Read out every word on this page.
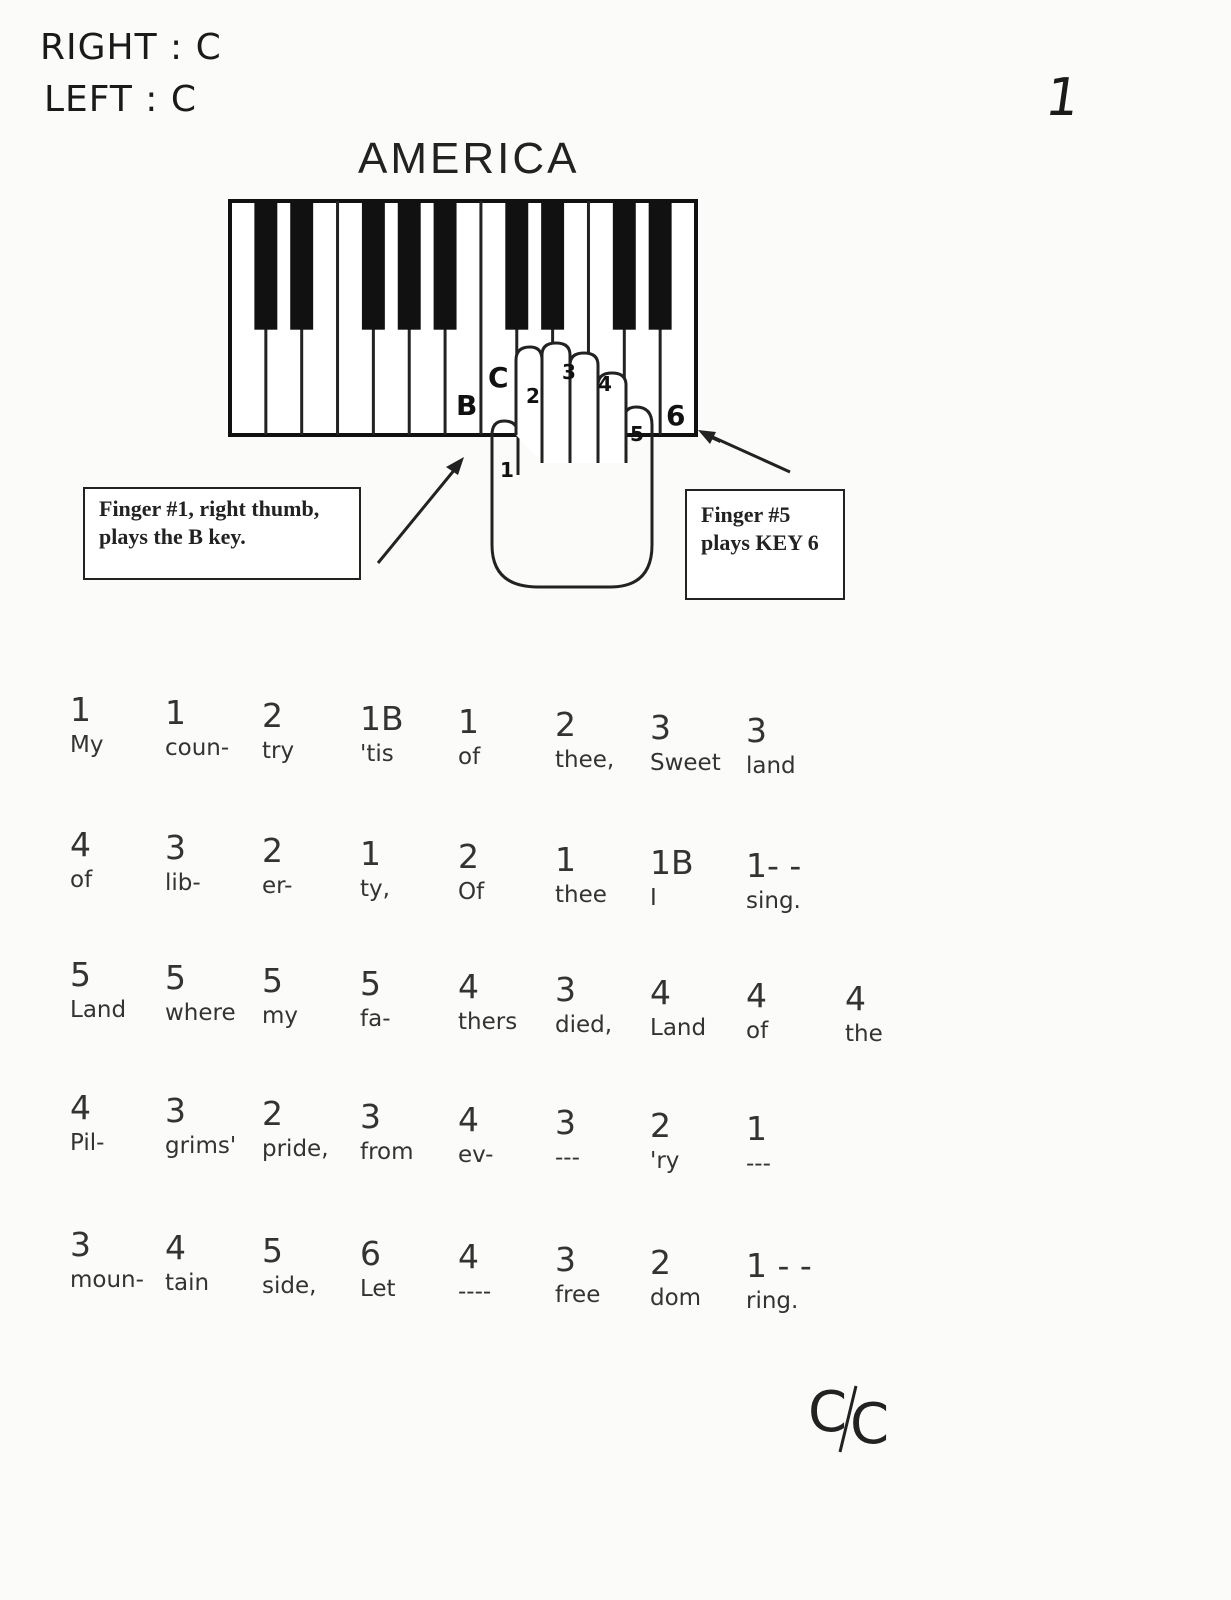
RIGHT : C
LEFT : C	1
AMERICA
B
C
2
3 4
5
6
1
Finger #1, right thumb,
plays the B key.
Finger #5
plays KEY 6
1
My
1
coun-
2
try
1B
'tis
1
of
2
thee,
3
Sweet
3
land
4
of
3
lib-
2
er-
1
ty,
2
Of
1
thee
1B
I
1- -
sing.
5
Land
5
where
5
my
5
fa-
4
thers
3
died,
4
Land
4
of
4
the
4
Pil-
3
grims'
2
pride,
3
from
4
ev-
3
---
2
'ry
1
---
3
moun-
4
tain
5
side,
6
Let
4
----
3
free
2
dom
1 - -
ring.
C C
